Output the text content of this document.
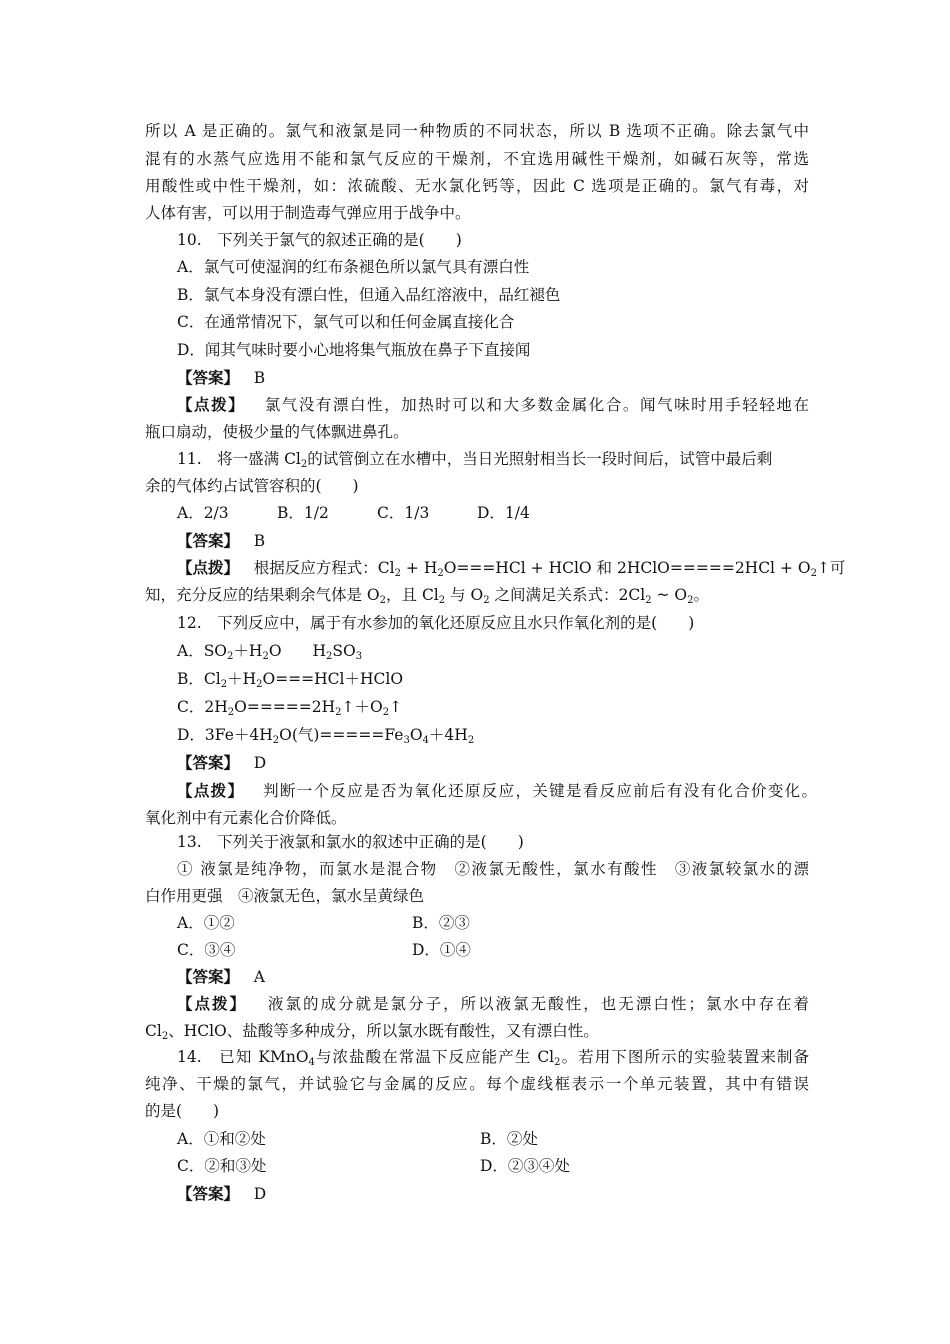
所以 A 是正确的。氯气和液氯是同一种物质的不同状态，所以 B 选项不正确。除去氯气中
混有的水蒸气应选用不能和氯气反应的干燥剂，不宜选用碱性干燥剂，如碱石灰等，常选
用酸性或中性干燥剂，如：浓硫酸、无水氯化钙等，因此 C 选项是正确的。氯气有毒，对
人体有害，可以用于制造毒气弹应用于战争中。
10.　下列关于氯气的叙述正确的是(　　)
A．氯气可使湿润的红布条褪色所以氯气具有漂白性
B．氯气本身没有漂白性，但通入品红溶液中，品红褪色
C．在通常情况下，氯气可以和任何金属直接化合
D．闻其气味时要小心地将集气瓶放在鼻子下直接闻
【答案】 B
【点拨】 氯气没有漂白性，加热时可以和大多数金属化合。闻气味时用手轻轻地在
瓶口扇动，使极少量的气体飘进鼻孔。
11.　将一盛满 $Cl_2$的试管倒立在水槽中，当日光照射相当长一段时间后，试管中最后剩
余的气体约占试管容积的(　　)
A．2/3	B．1/2	C．1/3	D．1/4
【答案】 B
【点拨】 根据反应方程式：$Cl_2 + H_2O===HCl$ + HClO 和 2HClO=====2HCl + $O_2↑$可
知，充分反应的结果剩余气体是 $O_2$，且 $Cl_2$ 与 $O_2$ 之间满足关系式：$2Cl_2$ ~ $O_2$。
12.　下列反应中，属于有水参加的氧化还原反应且水只作氧化剂的是(　　)
A．$SO_2+H_2O$　　$H_2SO_3$
B．$Cl_2+H_2O===HCl+HClO$
C．$2H_2O=====2H_2↑+O_2↑$
D．$3Fe+4H_2O$(气)$=====Fe_3O_4+4H_2$
【答案】 D
【点拨】 判断一个反应是否为氧化还原反应，关键是看反应前后有没有化合价变化。
氧化剂中有元素化合价降低。
13.　下列关于液氯和氯水的叙述中正确的是(　　)
① 液氯是纯净物，而氯水是混合物　②液氯无酸性，氯水有酸性　③液氯较氯水的漂
白作用更强　④液氯无色，氯水呈黄绿色
A．①②	B．②③
C．③④	D．①④
【答案】 A
【点拨】 液氯的成分就是氯分子，所以液氯无酸性，也无漂白性；氯水中存在着
$Cl_2$、HClO、盐酸等多种成分，所以氯水既有酸性，又有漂白性。
14.　已知 KMnO$_4$与浓盐酸在常温下反应能产生 $Cl_2$。若用下图所示的实验装置来制备
纯净、干燥的氯气，并试验它与金属的反应。每个虚线框表示一个单元装置，其中有错误
的是(　　)
A．①和②处	B．②处
C．②和③处	D．②③④处
【答案】 D
